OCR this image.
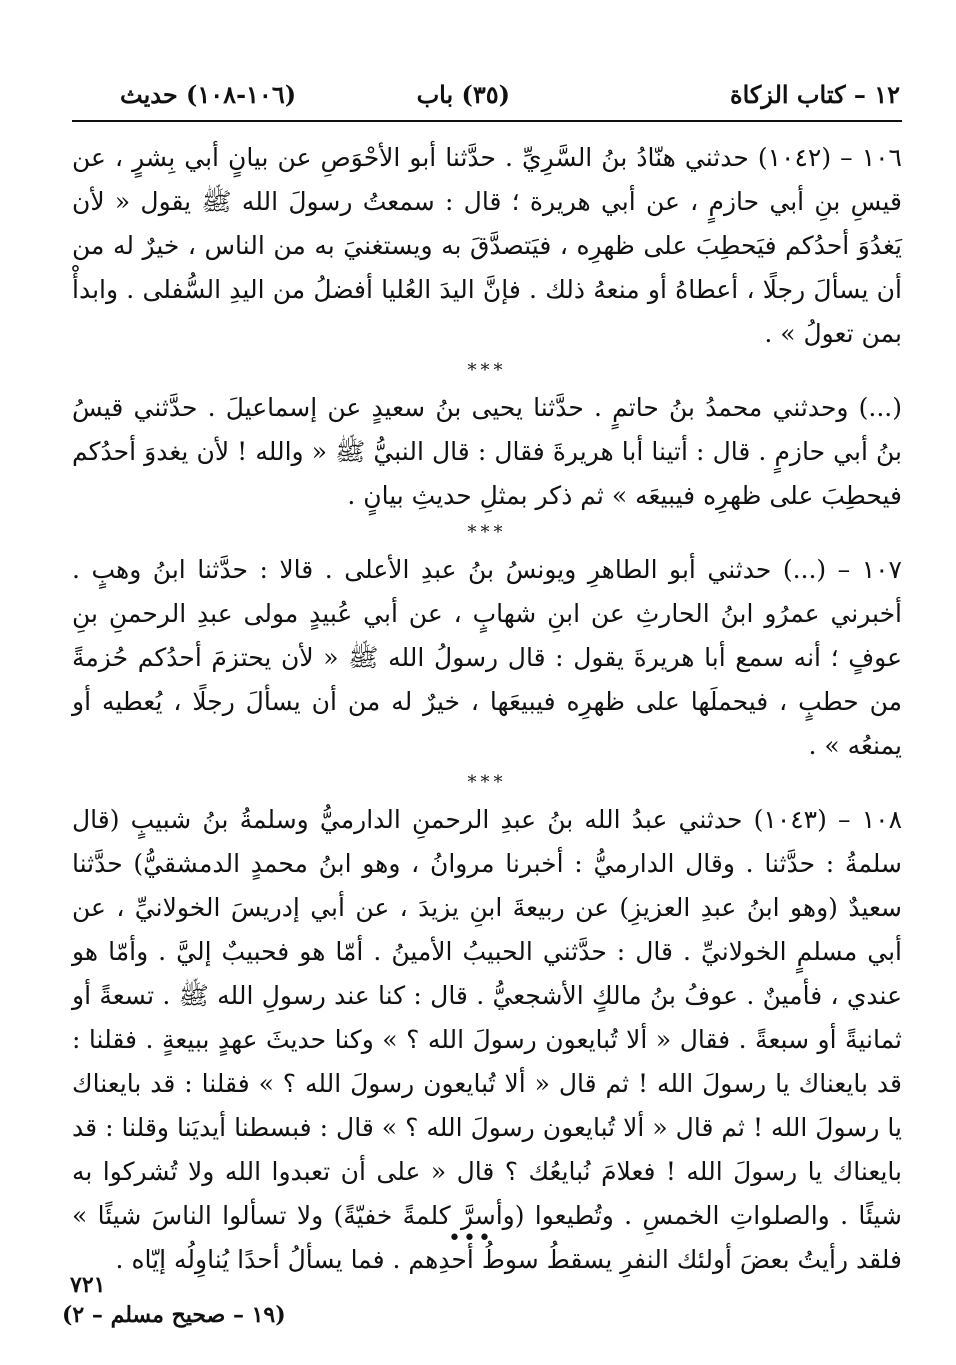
١٢ – كتاب الزكاة
(٣٥) باب
(١٠٦-١٠٨) حديث

١٠٦ – (١٠٤٢) حدثني هنّادُ بنُ السَّرِيِّ . حدَّثنا أبو الأحْوَصِ عن بيانٍ أبي بِشرٍ ، عن قيسِ بنِ أبي حازمٍ ، عن أبي هريرة ؛ قال : سمعتُ رسولَ الله ﷺ يقول « لأن يَغدُوَ أحدُكم فيَحطِبَ على ظهرِه ، فيَتصدَّقَ به ويستغنيَ به من الناس ، خيرٌ له من أن يسألَ رجلًا ، أعطاهُ أو منعهُ ذلك . فإنَّ اليدَ العُليا أفضلُ من اليدِ السُّفلى . وابدأْ بمن تعولُ » .

***

(...) وحدثني محمدُ بنُ حاتمٍ . حدَّثنا يحيى بنُ سعيدٍ عن إسماعيلَ . حدَّثني قيسُ بنُ أبي حازمٍ . قال : أتينا أبا هريرةَ فقال : قال النبيُّ ﷺ « والله ! لأن يغدوَ أحدُكم فيحطِبَ على ظهرِه فيبيعَه » ثم ذكر بمثلِ حديثِ بيانٍ .

***

١٠٧ – (...) حدثني أبو الطاهرِ ويونسُ بنُ عبدِ الأعلى . قالا : حدَّثنا ابنُ وهبٍ . أخبرني عمرُو ابنُ الحارثِ عن ابنِ شهابٍ ، عن أبي عُبيدٍ مولى عبدِ الرحمنِ بنِ عوفٍ ؛ أنه سمع أبا هريرةَ يقول : قال رسولُ الله ﷺ « لأن يحتزمَ أحدُكم حُزمةً من حطبٍ ، فيحملَها على ظهرِه فيبيعَها ، خيرٌ له من أن يسألَ رجلًا ، يُعطيه أو يمنعُه » .

***

١٠٨ – (١٠٤٣) حدثني عبدُ الله بنُ عبدِ الرحمنِ الدارميُّ وسلمةُ بنُ شبيبٍ (قال سلمةُ : حدَّثنا . وقال الدارميُّ : أخبرنا مروانُ ، وهو ابنُ محمدٍ الدمشقيُّ) حدَّثنا سعيدٌ (وهو ابنُ عبدِ العزيزِ) عن ربيعةَ ابنِ يزيدَ ، عن أبي إدريسَ الخولانيِّ ، عن أبي مسلمٍ الخولانيِّ . قال : حدَّثني الحبيبُ الأمينُ . أمّا هو فحبيبٌ إليَّ . وأمّا هو عندي ، فأمينٌ . عوفُ بنُ مالكٍ الأشجعيُّ . قال : كنا عند رسولِ الله ﷺ . تسعةً أو ثمانيةً أو سبعةً . فقال « ألا تُبايعون رسولَ الله ؟ » وكنا حديثَ عهدٍ ببيعةٍ . فقلنا : قد بايعناك يا رسولَ الله ! ثم قال « ألا تُبايعون رسولَ الله ؟ » فقلنا : قد بايعناك يا رسولَ الله ! ثم قال « ألا تُبايعون رسولَ الله ؟ » قال : فبسطنا أيديَنا وقلنا : قد بايعناك يا رسولَ الله ! فعلامَ نُبايعُك ؟ قال « على أن تعبدوا الله ولا تُشركوا به شيئًا . والصلواتِ الخمسِ . وتُطيعوا (وأسرَّ كلمةً خفيّةً) ولا تسألوا الناسَ شيئًا » فلقد رأيتُ بعضَ أولئك النفرِ يسقطُ سوطُ أحدِهم . فما يسألُ أحدًا يُناوِلُه إيّاه .

•••
٧٢١
(١٩ – صحيح مسلم – ٢)
